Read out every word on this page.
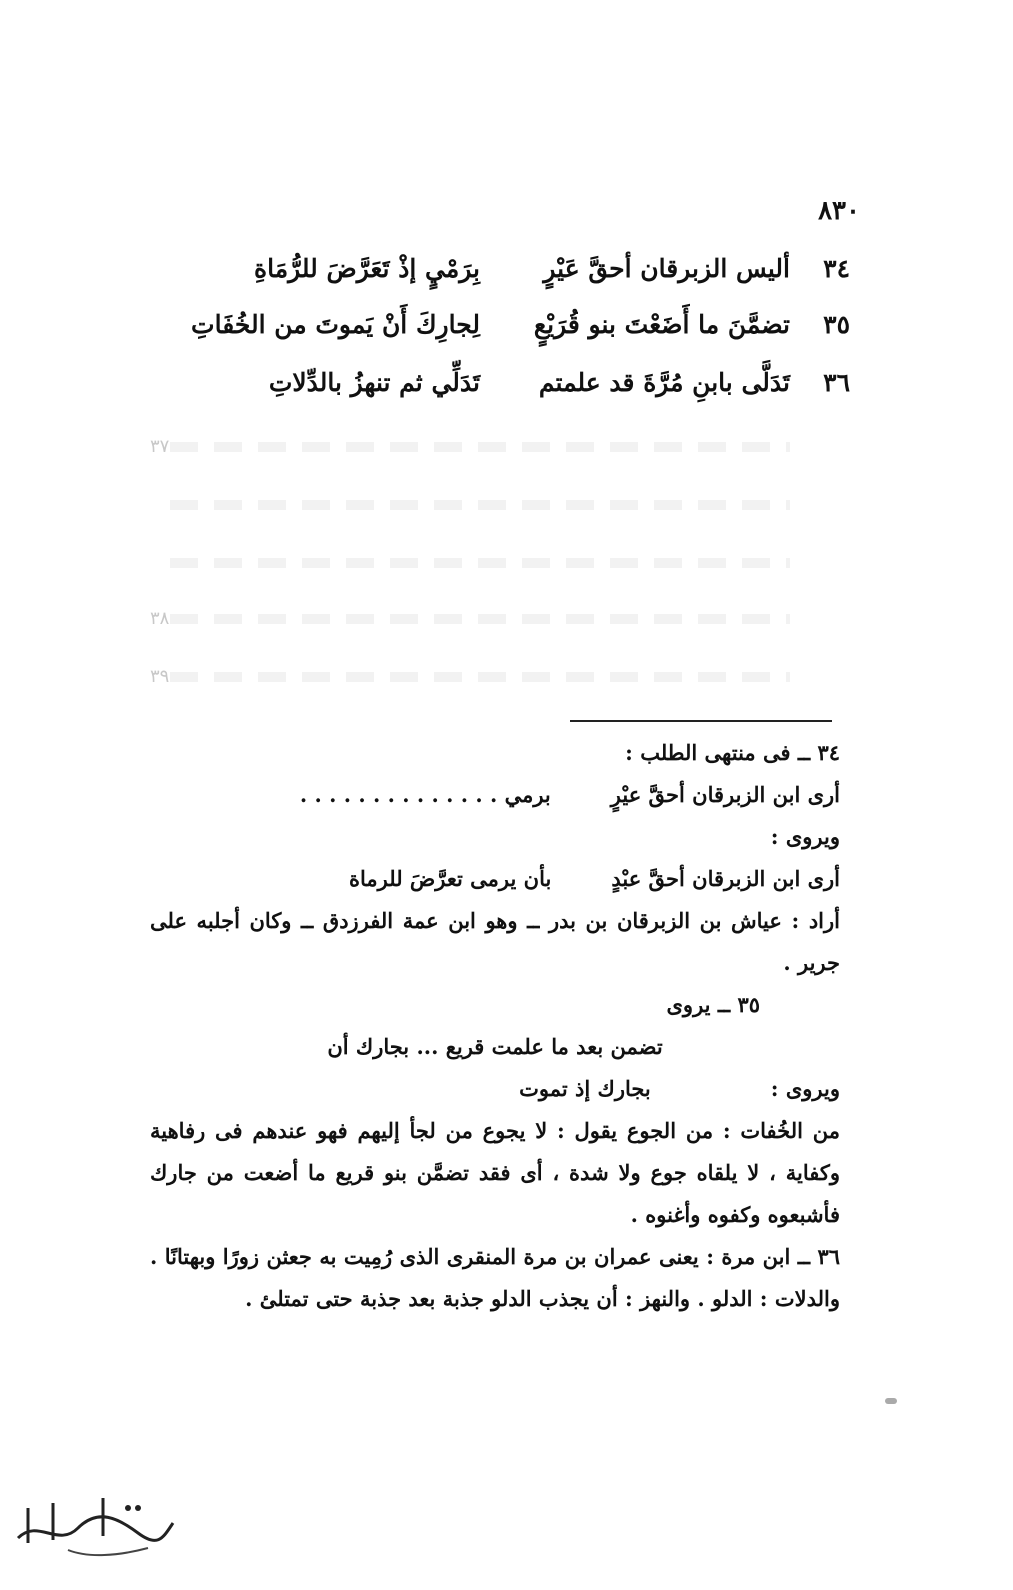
٨٣٠
٣٤
أليس الزبرقان أحقَّ عَيْرٍ
بِرَمْيٍ إذْ تَعَرَّضَ للرُّمَاةِ
٣٥
تضمَّنَ ما أَضَعْتَ بنو قُرَيْعٍ
لِجارِكَ أَنْ يَموتَ من الخُفَاتِ
٣٦
تَدَلَّى بابنِ مُرَّةَ قد علمتم
تَدَلِّي ثم تنهزُ بالدِّلاتِ
٣٧
٣٨
٣٩

٣٤ ــ فى منتهى الطلب :

أرى ابن الزبرقان أحقَّ عيْرٍبرمي . . . . . . . . . . . . . .

ويروى :

أرى ابن الزبرقان أحقَّ عبْدٍبأن يرمى تعرَّضَ للرماة

أراد : عياش بن الزبرقان بن بدر ــ وهو ابن عمة الفرزدق ــ وكان أجلبه على جرير .

٣٥ ــ يروى

تضمن بعد ما علمت قريع ... بجارك أن

ويروى :بجارك إذ تموت

من الخُفات : من الجوع يقول : لا يجوع من لجأ إليهم فهو عندهم فى رفاهية وكفاية ، لا يلقاه جوع ولا شدة ، أى فقد تضمَّن بنو قريع ما أضعت من جارك فأشبعوه وكفوه وأغنوه .

٣٦ ــ ابن مرة : يعنى عمران بن مرة المنقرى الذى رُمِيت به جعثن زورًا وبهتانًا . والدلات : الدلو . والنهز : أن يجذب الدلو جذبة بعد جذبة حتى تمتلئ .
